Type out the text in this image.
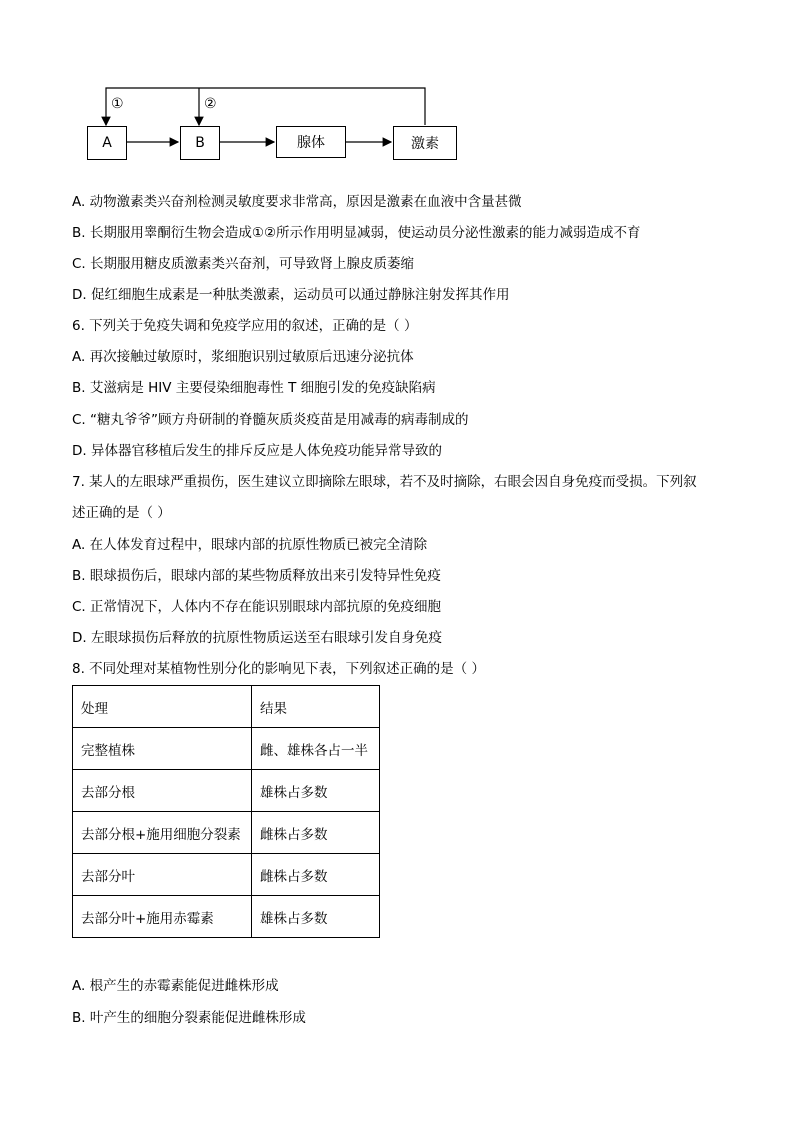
A	B	腺体	激素
①	②
A. 动物激素类兴奋剂检测灵敏度要求非常高，原因是激素在血液中含量甚微
B. 长期服用睾酮衍生物会造成①②所示作用明显减弱，使运动员分泌性激素的能力减弱造成不育
C. 长期服用糖皮质激素类兴奋剂，可导致肾上腺皮质萎缩
D. 促红细胞生成素是一种肽类激素，运动员可以通过静脉注射发挥其作用
6. 下列关于免疫失调和免疫学应用的叙述，正确的是（ ）
A. 再次接触过敏原时，浆细胞识别过敏原后迅速分泌抗体
B. 艾滋病是 HIV 主要侵染细胞毒性 T 细胞引发的免疫缺陷病
C. “糖丸爷爷”顾方舟研制的脊髓灰质炎疫苗是用减毒的病毒制成的
D. 异体器官移植后发生的排斥反应是人体免疫功能异常导致的
7. 某人的左眼球严重损伤，医生建议立即摘除左眼球，若不及时摘除，右眼会因自身免疫而受损。下列叙
述正确的是（ ）
A. 在人体发育过程中，眼球内部的抗原性物质已被完全清除
B. 眼球损伤后，眼球内部的某些物质释放出来引发特异性免疫
C. 正常情况下，人体内不存在能识别眼球内部抗原的免疫细胞
D. 左眼球损伤后释放的抗原性物质运送至右眼球引发自身免疫
8. 不同处理对某植物性别分化的影响见下表，下列叙述正确的是（ ）
处理	结果
完整植株	雌、雄株各占一半
去部分根	雄株占多数
去部分根+施用细胞分裂素	雌株占多数
去部分叶	雌株占多数
去部分叶+施用赤霉素	雄株占多数
A. 根产生的赤霉素能促进雌株形成
B. 叶产生的细胞分裂素能促进雌株形成
